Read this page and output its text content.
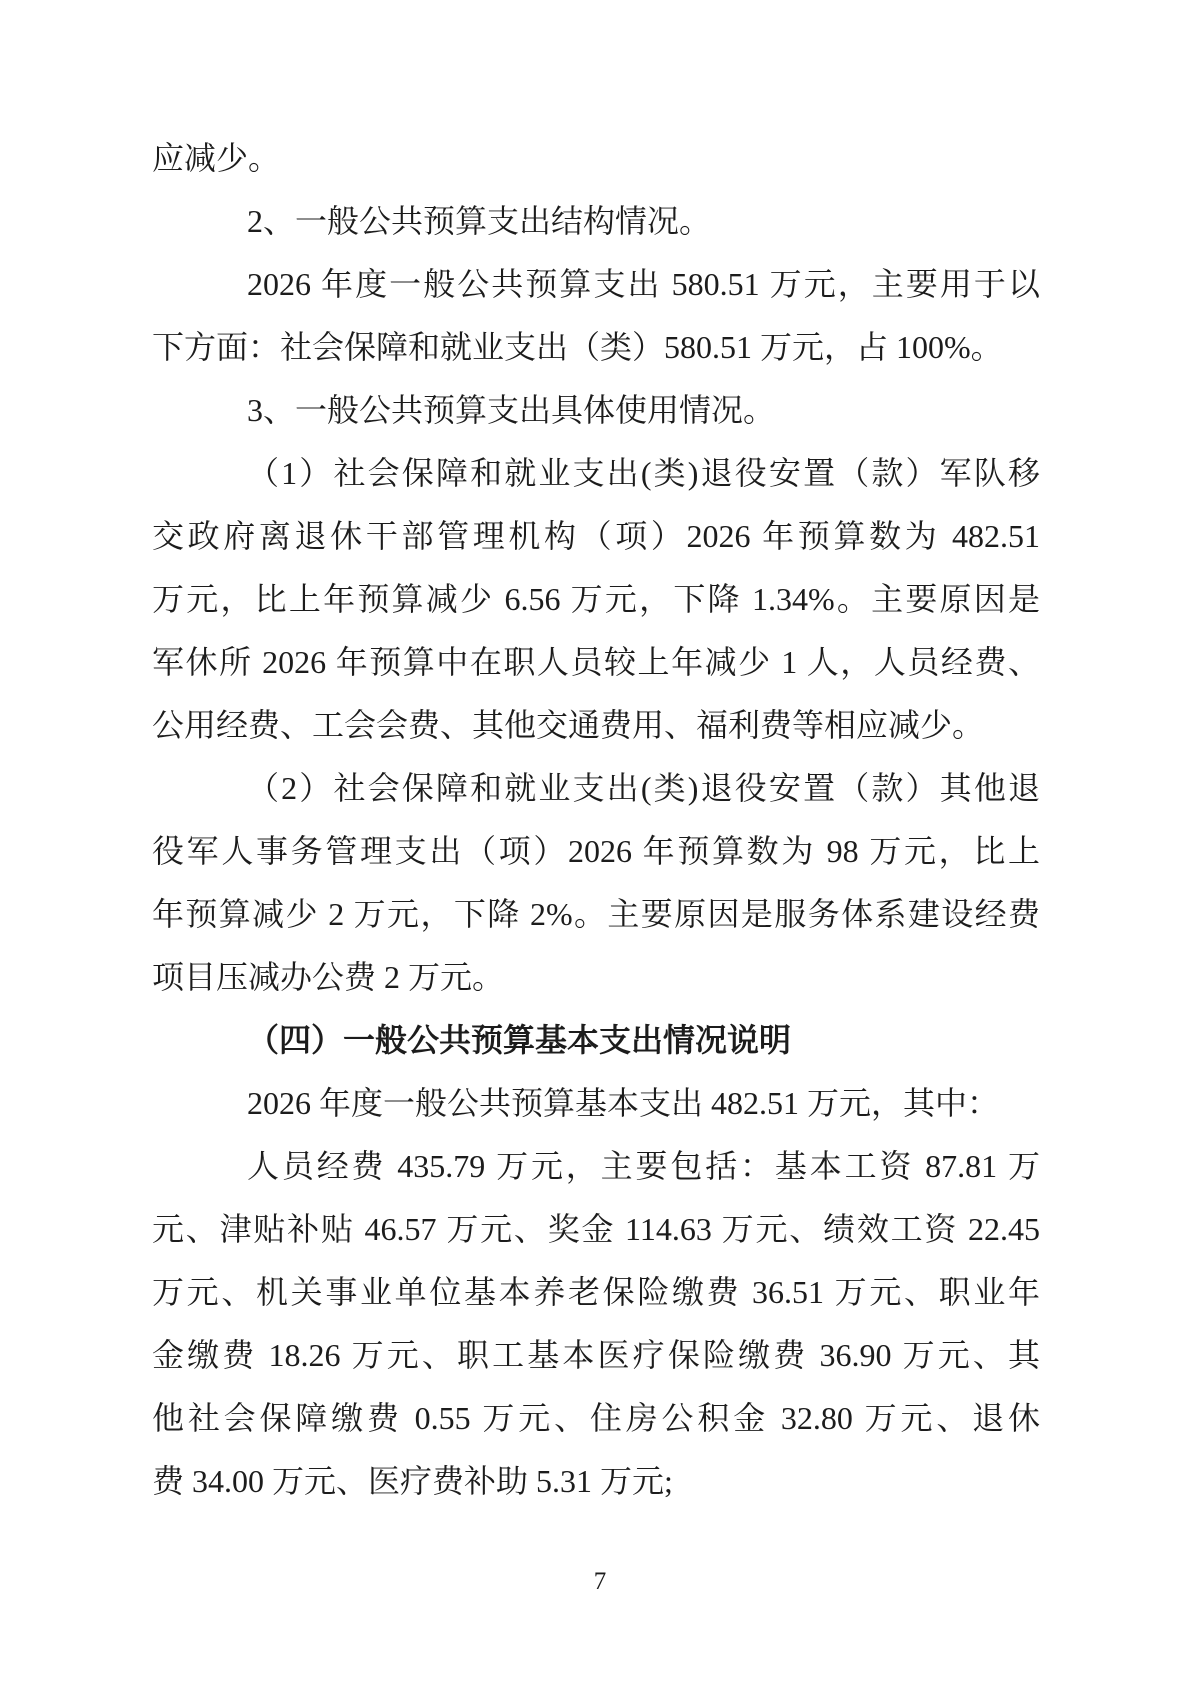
应减少。
2、一般公共预算支出结构情况。
2026 年度一般公共预算支出 580.51 万元，主要用于以
下方面：社会保障和就业支出（类）580.51 万元，占 100%。
3、一般公共预算支出具体使用情况。
（1）社会保障和就业支出(类)退役安置（款）军队移
交政府离退休干部管理机构（项）2026 年预算数为 482.51
万元，比上年预算减少 6.56 万元，下降 1.34%。主要原因是
军休所 2026 年预算中在职人员较上年减少 1 人，人员经费、
公用经费、工会会费、其他交通费用、福利费等相应减少。
（2）社会保障和就业支出(类)退役安置（款）其他退
役军人事务管理支出（项）2026 年预算数为 98 万元，比上
年预算减少 2 万元，下降 2%。主要原因是服务体系建设经费
项目压减办公费 2 万元。
（四）一般公共预算基本支出情况说明
2026 年度一般公共预算基本支出 482.51 万元，其中：
人员经费 435.79 万元，主要包括：基本工资 87.81 万
元、津贴补贴 46.57 万元、奖金 114.63 万元、绩效工资 22.45
万元、机关事业单位基本养老保险缴费 36.51 万元、职业年
金缴费 18.26 万元、职工基本医疗保险缴费 36.90 万元、其
他社会保障缴费 0.55 万元、住房公积金 32.80 万元、退休
费 34.00 万元、医疗费补助 5.31 万元;
7
